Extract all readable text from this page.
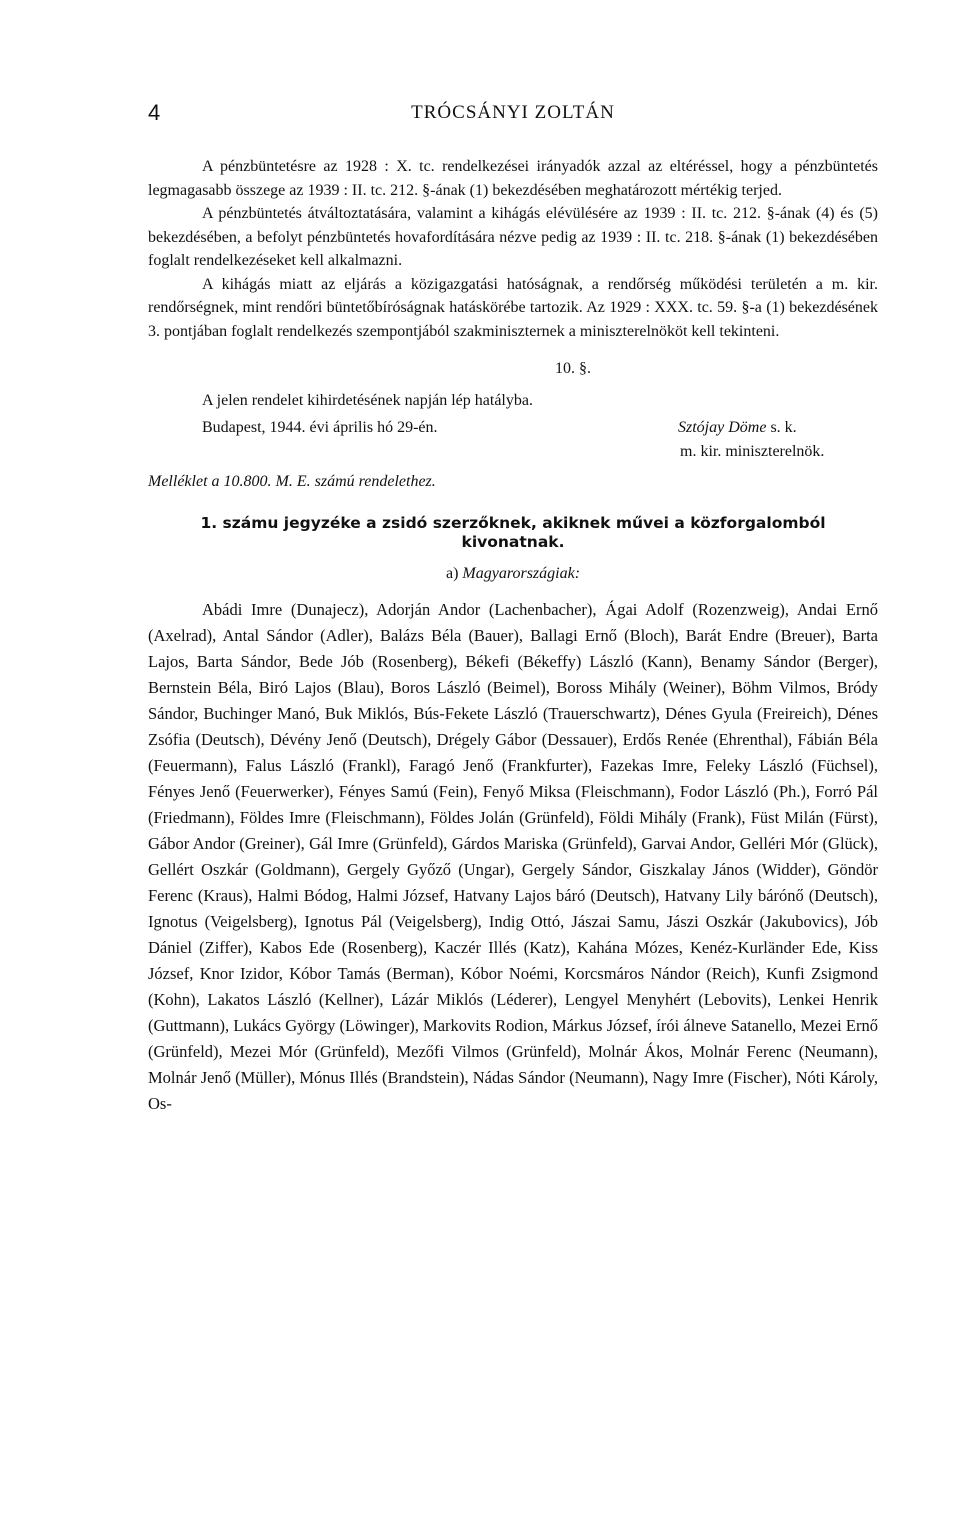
4	TRÓCSÁNYI ZOLTÁN

A pénzbüntetésre az 1928 : X. tc. rendelkezései irányadók azzal az eltéréssel, hogy a pénzbüntetés legmagasabb összege az 1939 : II. tc. 212. §-ának (1) bekezdésében meghatározott mértékig terjed.

A pénzbüntetés átváltoztatására, valamint a kihágás elévülésére az 1939 : II. tc. 212. §-ának (4) és (5) bekezdésében, a befolyt pénzbüntetés hovafordítására nézve pedig az 1939 : II. tc. 218. §-ának (1) bekezdésében foglalt rendelkezéseket kell alkalmazni.

A kihágás miatt az eljárás a közigazgatási hatóságnak, a rendőrség működési területén a m. kir. rendőrségnek, mint rendőri büntetőbíróságnak hatáskörébe tartozik. Az 1929 : XXX. tc. 59. §-a (1) bekezdésének 3. pontjában foglalt rendelkezés szempontjából szakminiszternek a miniszterelnököt kell tekinteni.

10. §.

A jelen rendelet kihirdetésének napján lép hatályba.

Budapest, 1944. évi április hó 29-én.	Sztójay Döme s. k.
m. kir. miniszterelnök.
Melléklet a 10.800. M. E. számú rendelethez.
1. számu jegyzéke a zsidó szerzőknek, akiknek művei a közforgalomból kivonatnak.
a) Magyarországiak:

Abádi Imre (Dunajecz), Adorján Andor (Lachenbacher), Ágai Adolf (Rozenzweig), Andai Ernő (Axelrad), Antal Sándor (Adler), Balázs Béla (Bauer), Ballagi Ernő (Bloch), Barát Endre (Breuer), Barta Lajos, Barta Sándor, Bede Jób (Rosenberg), Békefi (Békeffy) László (Kann), Benamy Sándor (Berger), Bernstein Béla, Biró Lajos (Blau), Boros László (Beimel), Boross Mihály (Weiner), Böhm Vilmos, Bródy Sándor, Buchinger Manó, Buk Miklós, Bús-Fekete László (Trauerschwartz), Dénes Gyula (Freireich), Dénes Zsófia (Deutsch), Dévény Jenő (Deutsch), Drégely Gábor (Dessauer), Erdős Renée (Ehrenthal), Fábián Béla (Feuermann), Falus László (Frankl), Faragó Jenő (Frankfurter), Fazekas Imre, Feleky László (Füchsel), Fényes Jenő (Feuerwerker), Fényes Samú (Fein), Fenyő Miksa (Fleischmann), Fodor László (Ph.), Forró Pál (Friedmann), Földes Imre (Fleischmann), Földes Jolán (Grünfeld), Földi Mihály (Frank), Füst Milán (Fürst), Gábor Andor (Greiner), Gál Imre (Grünfeld), Gárdos Mariska (Grünfeld), Garvai Andor, Gelléri Mór (Glück), Gellért Oszkár (Goldmann), Gergely Győző (Ungar), Gergely Sándor, Giszkalay János (Widder), Göndör Ferenc (Kraus), Halmi Bódog, Halmi József, Hatvany Lajos báró (Deutsch), Hatvany Lily bárónő (Deutsch), Ignotus (Veigelsberg), Ignotus Pál (Veigelsberg), Indig Ottó, Jászai Samu, Jászi Oszkár (Jakubovics), Jób Dániel (Ziffer), Kabos Ede (Rosenberg), Kaczér Illés (Katz), Kahána Mózes, Kenéz-Kurländer Ede, Kiss József, Knor Izidor, Kóbor Tamás (Berman), Kóbor Noémi, Korcsmáros Nándor (Reich), Kunfi Zsigmond (Kohn), Lakatos László (Kellner), Lázár Miklós (Léderer), Lengyel Menyhért (Lebovits), Lenkei Henrik (Guttmann), Lukács György (Löwinger), Markovits Rodion, Márkus József, írói álneve Satanello, Mezei Ernő (Grünfeld), Mezei Mór (Grünfeld), Mezőfi Vilmos (Grünfeld), Molnár Ákos, Molnár Ferenc (Neumann), Molnár Jenő (Müller), Mónus Illés (Brandstein), Nádas Sándor (Neumann), Nagy Imre (Fischer), Nóti Károly, Os-
